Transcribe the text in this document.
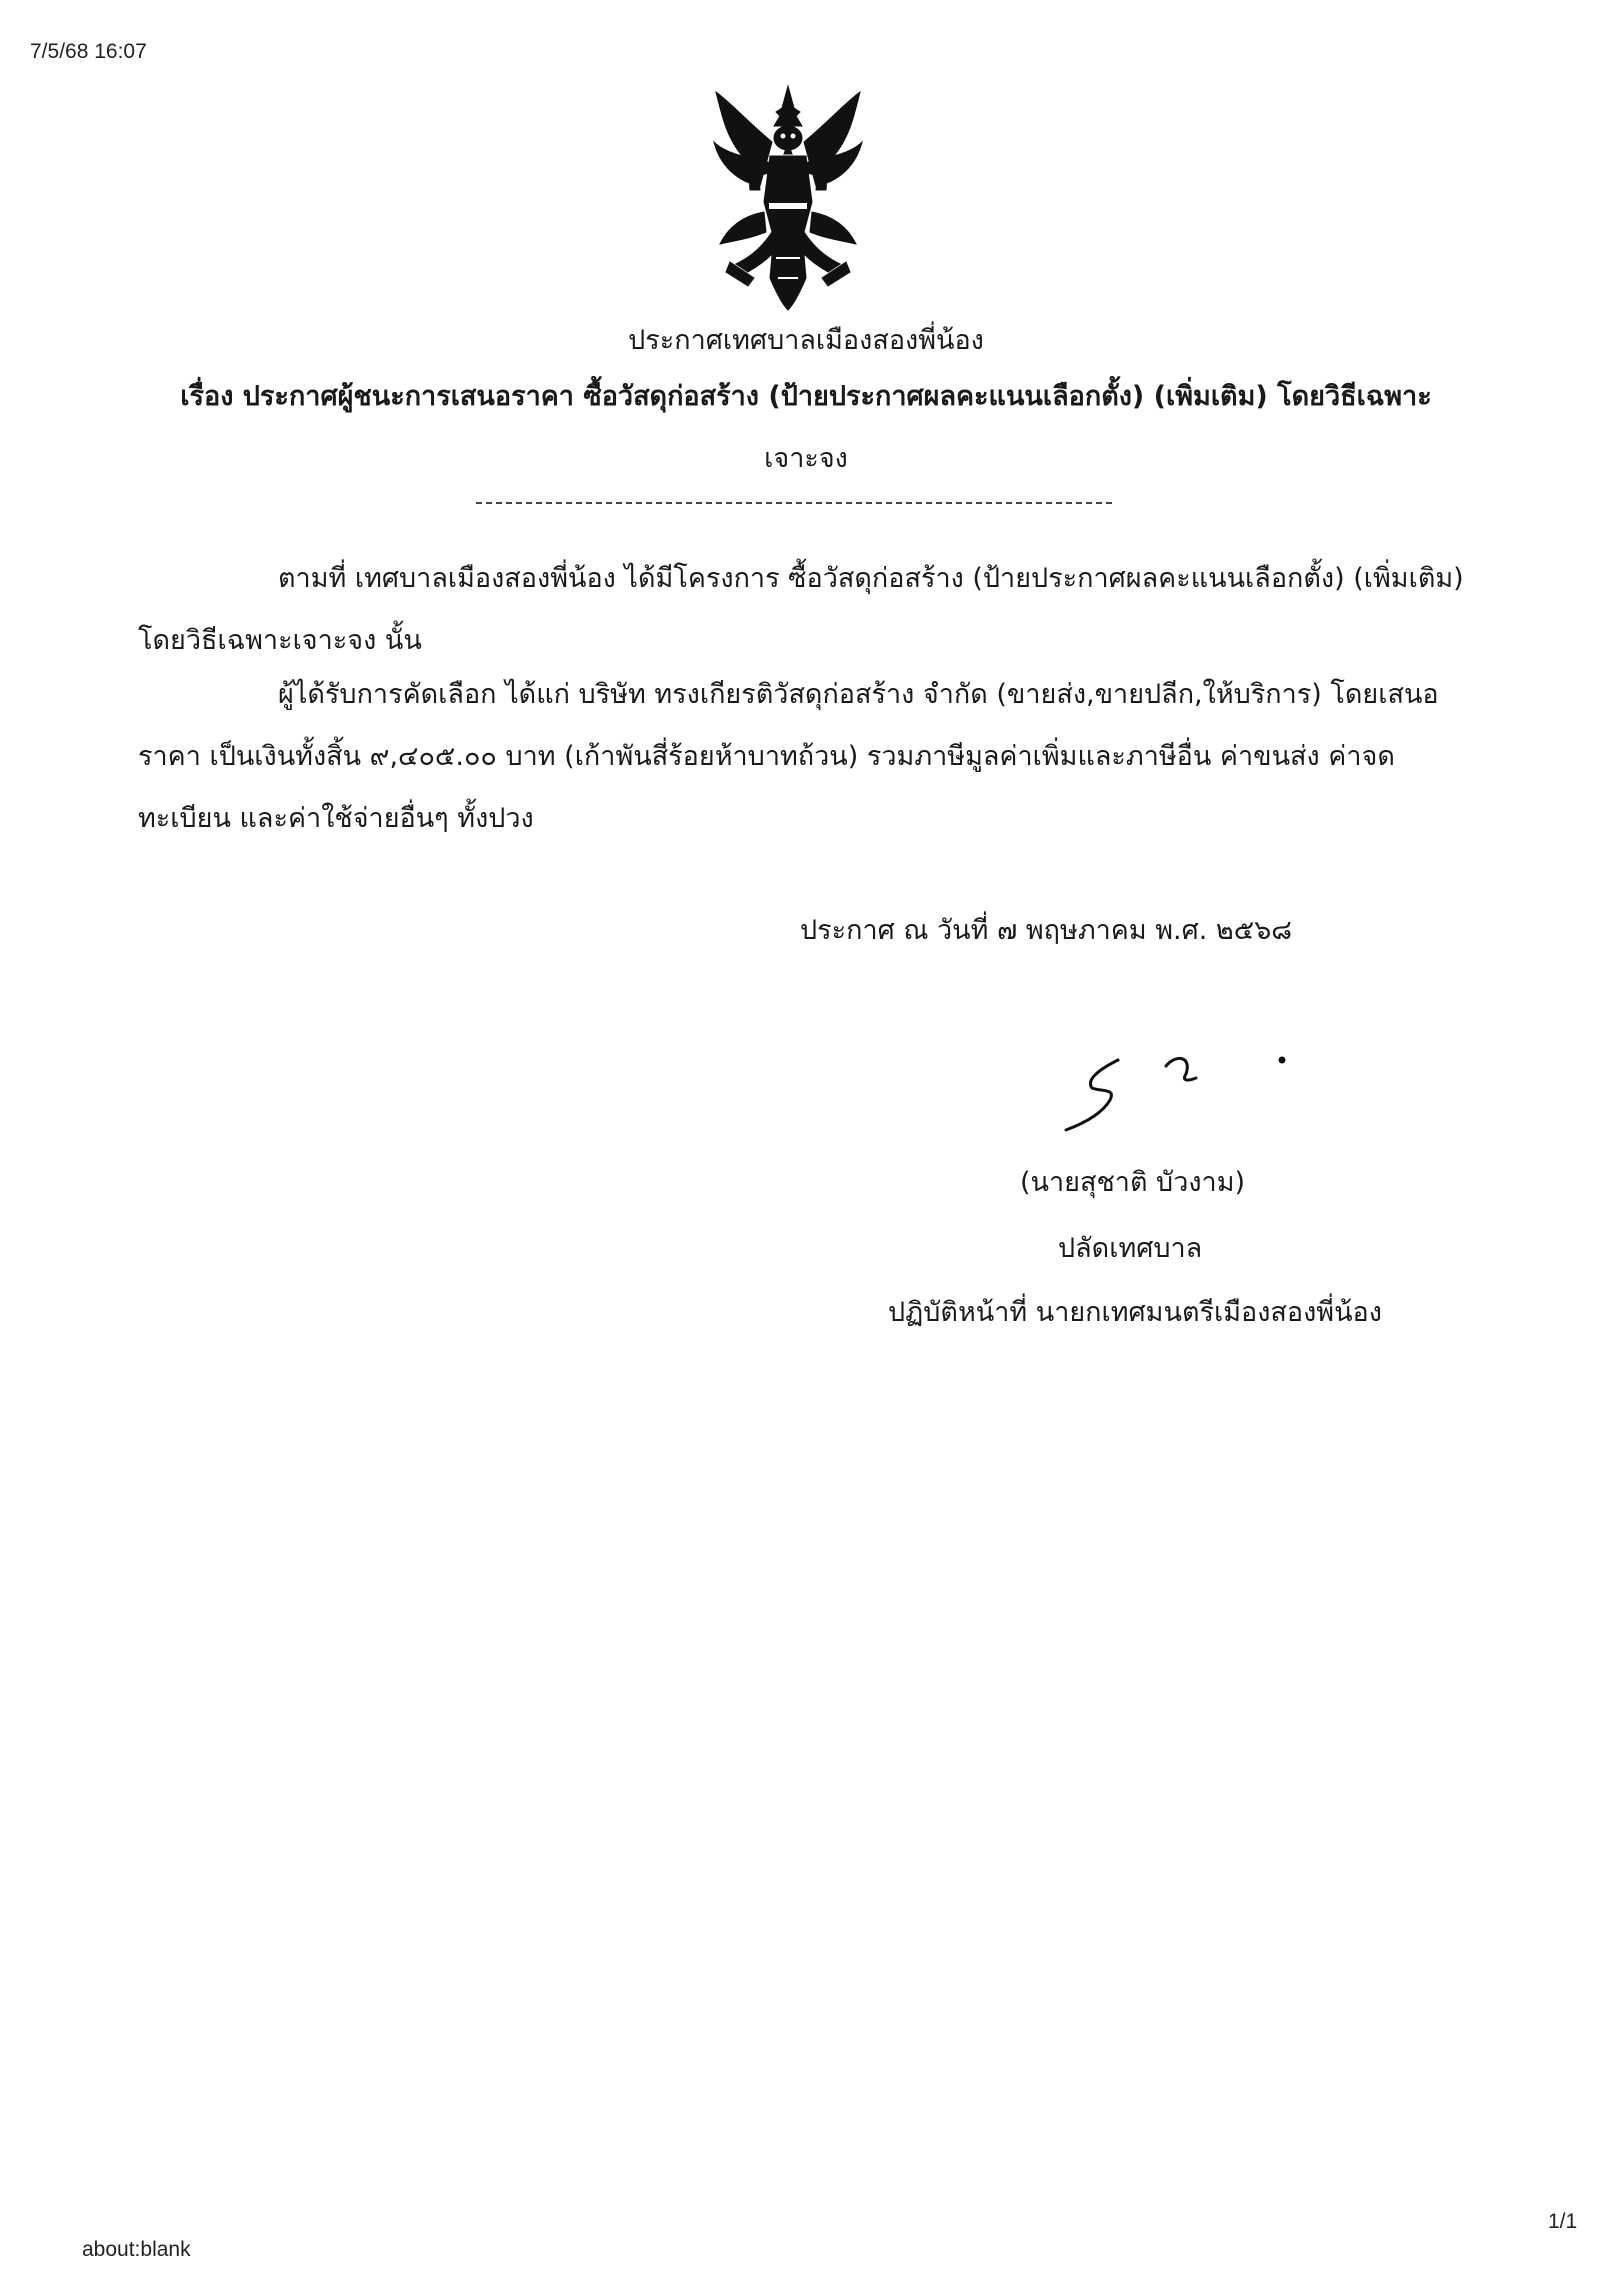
7/5/68 16:07
ประกาศเทศบาลเมืองสองพี่น้อง
เรื่อง ประกาศผู้ชนะการเสนอราคา ซื้อวัสดุก่อสร้าง (ป้ายประกาศผลคะแนนเลือกตั้ง) (เพิ่มเติม) โดยวิธีเฉพาะ
เจาะจง

ตามที่ เทศบาลเมืองสองพี่น้อง ได้มีโครงการ ซื้อวัสดุก่อสร้าง (ป้ายประกาศผลคะแนนเลือกตั้ง) (เพิ่มเติม) โดยวิธีเฉพาะเจาะจง นั้น

ผู้ได้รับการคัดเลือก ได้แก่ บริษัท ทรงเกียรติวัสดุก่อสร้าง จำกัด (ขายส่ง,ขายปลีก,ให้บริการ) โดยเสนอราคา เป็นเงินทั้งสิ้น ๙,๔๐๕.๐๐ บาท (เก้าพันสี่ร้อยห้าบาทถ้วน) รวมภาษีมูลค่าเพิ่มและภาษีอื่น ค่าขนส่ง ค่าจดทะเบียน และค่าใช้จ่ายอื่นๆ ทั้งปวง

ประกาศ ณ วันที่ ๗ พฤษภาคม พ.ศ. ๒๕๖๘
(นายสุชาติ บัวงาม)
ปลัดเทศบาล
ปฏิบัติหน้าที่ นายกเทศมนตรีเมืองสองพี่น้อง
1/1
about:blank
